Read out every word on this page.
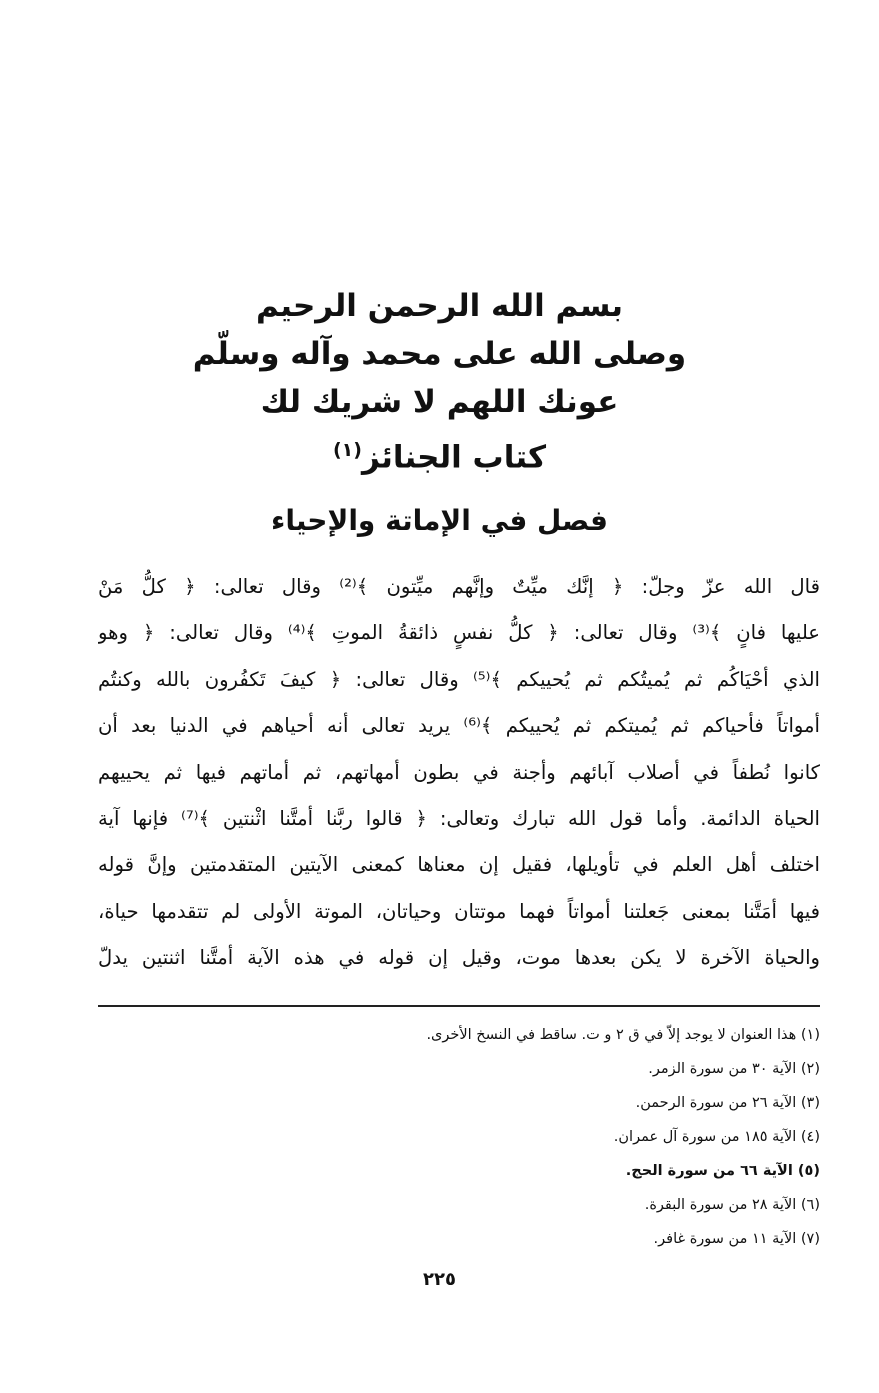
بسم الله الرحمن الرحيم
وصلى الله على محمد وآله وسلّم
عونك اللهم لا شريك لك
كتاب الجنائز$^{(١)}$
فصل في الإماتة والإحياء
قال الله عزّ وجلّ: ﴿ إنَّك ميِّتٌ وإنَّهم ميِّتون ﴾⁽²⁾ وقال تعالى: ﴿ كلُّ مَنْ
عليها فانٍ ﴾⁽³⁾ وقال تعالى: ﴿ كلُّ نفسٍ ذائقةُ الموتِ ﴾⁽⁴⁾ وقال تعالى: ﴿ وهو
الذي أحْيَاكُم ثم يُميتُكم ثم يُحييكم ﴾⁽⁵⁾ وقال تعالى: ﴿ كيفَ تَكفُرون بالله وكنتُم
أمواتاً فأحياكم ثم يُميتكم ثم يُحييكم ﴾⁽⁶⁾ يريد تعالى أنه أحياهم في الدنيا بعد أن
كانوا نُطفاً في أصلاب آبائهم وأجنة في بطون أمهاتهم، ثم أماتهم فيها ثم يحييهم
الحياة الدائمة. وأما قول الله تبارك وتعالى: ﴿ قالوا ربَّنا أمتَّنا اثْنتين ﴾⁽⁷⁾ فإنها آية
اختلف أهل العلم في تأويلها، فقيل إن معناها كمعنى الآيتين المتقدمتين وإنَّ قوله
فيها أمَتَّنا بمعنى جَعلتنا أمواتاً فهما موتتان وحياتان، الموتة الأولى لم تتقدمها حياة،
والحياة الآخرة لا يكن بعدها موت، وقيل إن قوله في هذه الآية أمتَّنا اثنتين يدلّ
(١) هذا العنوان لا يوجد إلاّ في ق ٢ و ت. ساقط في النسخ الأخرى.
(٢) الآية ٣٠ من سورة الزمر.
(٣) الآية ٢٦ من سورة الرحمن.
(٤) الآية ١٨٥ من سورة آل عمران.
(٥) الآية ٦٦ من سورة الحج.
(٦) الآية ٢٨ من سورة البقرة.
(٧) الآية ١١ من سورة غافر.
٢٢٥
